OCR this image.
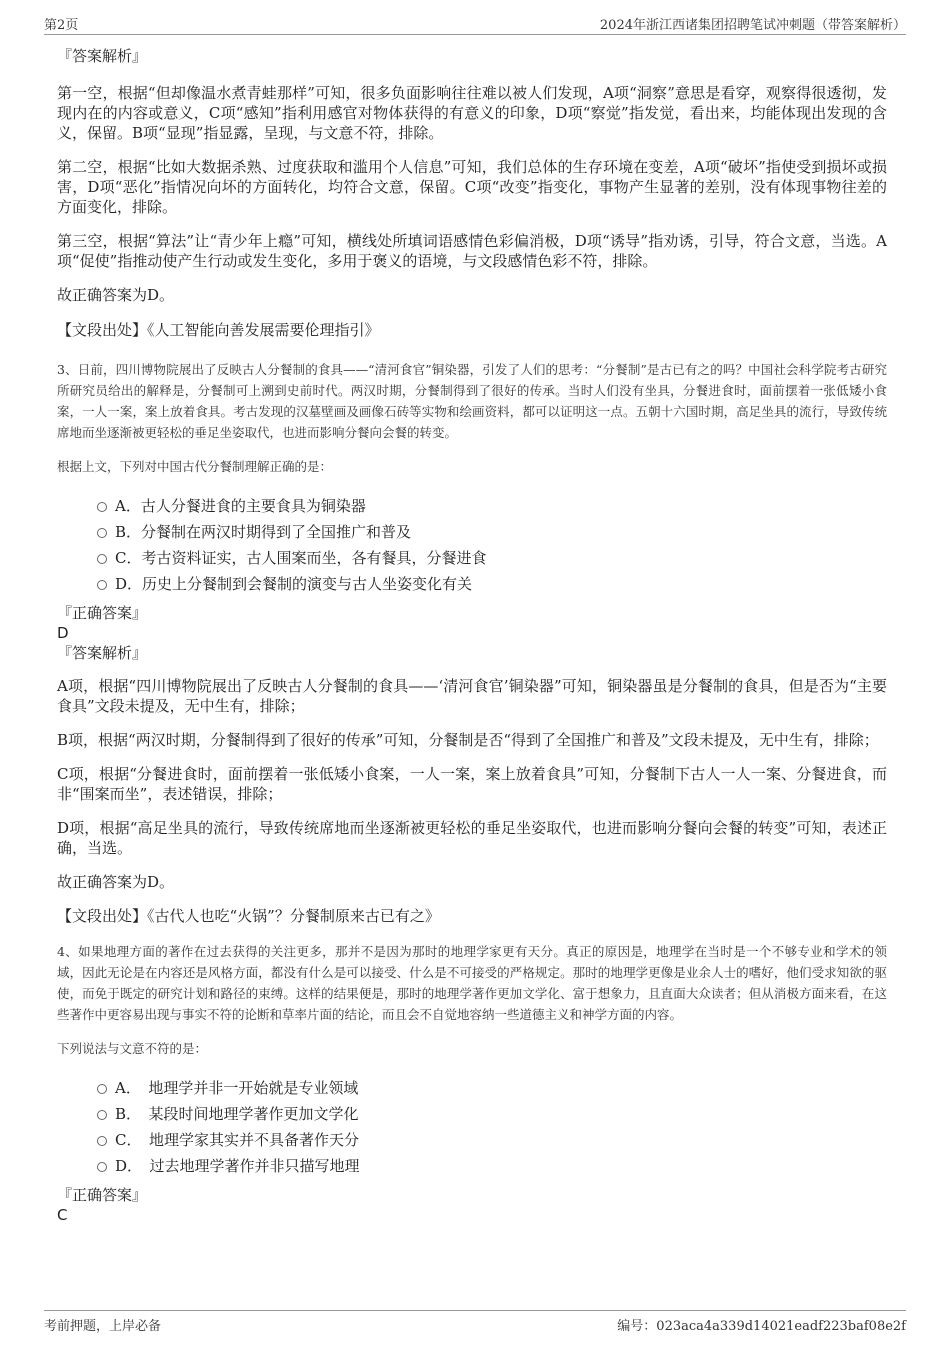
第2页	2024年浙江西诸集团招聘笔试冲刺题（带答案解析）

『答案解析』

第一空，根据“但却像温水煮青蛙那样”可知，很多负面影响往往难以被人们发现，A项“洞察”意思是看穿，观察得很透彻，发现内在的内容或意义，C项“感知”指利用感官对物体获得的有意义的印象，D项“察觉”指发觉，看出来，均能体现出发现的含义，保留。B项“显现”指显露，呈现，与文意不符，排除。

第二空，根据“比如大数据杀熟、过度获取和滥用个人信息”可知，我们总体的生存环境在变差，A项“破坏”指使受到损坏或损害，D项“恶化”指情况向坏的方面转化，均符合文意，保留。C项“改变”指变化，事物产生显著的差别，没有体现事物往差的方面变化，排除。

第三空，根据“算法”让“青少年上瘾”可知，横线处所填词语感情色彩偏消极，D项“诱导”指劝诱，引导，符合文意，当选。A项“促使”指推动使产生行动或发生变化，多用于褒义的语境，与文段感情色彩不符，排除。

故正确答案为D。

【文段出处】《人工智能向善发展需要伦理指引》

3、日前，四川博物院展出了反映古人分餐制的食具——“清河食官”铜染器，引发了人们的思考：“分餐制”是古已有之的吗？中国社会科学院考古研究所研究员给出的解释是，分餐制可上溯到史前时代。两汉时期，分餐制得到了很好的传承。当时人们没有坐具，分餐进食时，面前摆着一张低矮小食案，一人一案，案上放着食具。考古发现的汉墓壁画及画像石砖等实物和绘画资料，都可以证明这一点。五朝十六国时期，高足坐具的流行，导致传统席地而坐逐渐被更轻松的垂足坐姿取代，也进而影响分餐向会餐的转变。

根据上文，下列对中国古代分餐制理解正确的是：

A．古人分餐进食的主要食具为铜染器
B．分餐制在两汉时期得到了全国推广和普及
C．考古资料证实，古人围案而坐，各有餐具，分餐进食
D．历史上分餐制到会餐制的演变与古人坐姿变化有关

『正确答案』

D

『答案解析』

A项，根据“四川博物院展出了反映古人分餐制的食具——‘清河食官’铜染器”可知，铜染器虽是分餐制的食具，但是否为“主要食具”文段未提及，无中生有，排除；

B项，根据“两汉时期，分餐制得到了很好的传承”可知，分餐制是否“得到了全国推广和普及”文段未提及，无中生有，排除；

C项，根据“分餐进食时，面前摆着一张低矮小食案，一人一案，案上放着食具”可知，分餐制下古人一人一案、分餐进食，而非“围案而坐”，表述错误，排除；

D项，根据“高足坐具的流行，导致传统席地而坐逐渐被更轻松的垂足坐姿取代，也进而影响分餐向会餐的转变”可知，表述正确，当选。

故正确答案为D。

【文段出处】《古代人也吃“火锅”？分餐制原来古已有之》

4、如果地理方面的著作在过去获得的关注更多，那并不是因为那时的地理学家更有天分。真正的原因是，地理学在当时是一个不够专业和学术的领域，因此无论是在内容还是风格方面，都没有什么是可以接受、什么是不可接受的严格规定。那时的地理学更像是业余人士的嗜好，他们受求知欲的驱使，而免于既定的研究计划和路径的束缚。这样的结果便是，那时的地理学著作更加文学化、富于想象力，且直面大众读者；但从消极方面来看，在这些著作中更容易出现与事实不符的论断和草率片面的结论，而且会不自觉地容纳一些道德主义和神学方面的内容。

下列说法与文意不符的是：

A．　地理学并非一开始就是专业领域
B．　某段时间地理学著作更加文学化
C．　地理学家其实并不具备著作天分
D．　过去地理学著作并非只描写地理

『正确答案』

C

考前押题，上岸必备	编号：023aca4a339d14021eadf223baf08e2f
